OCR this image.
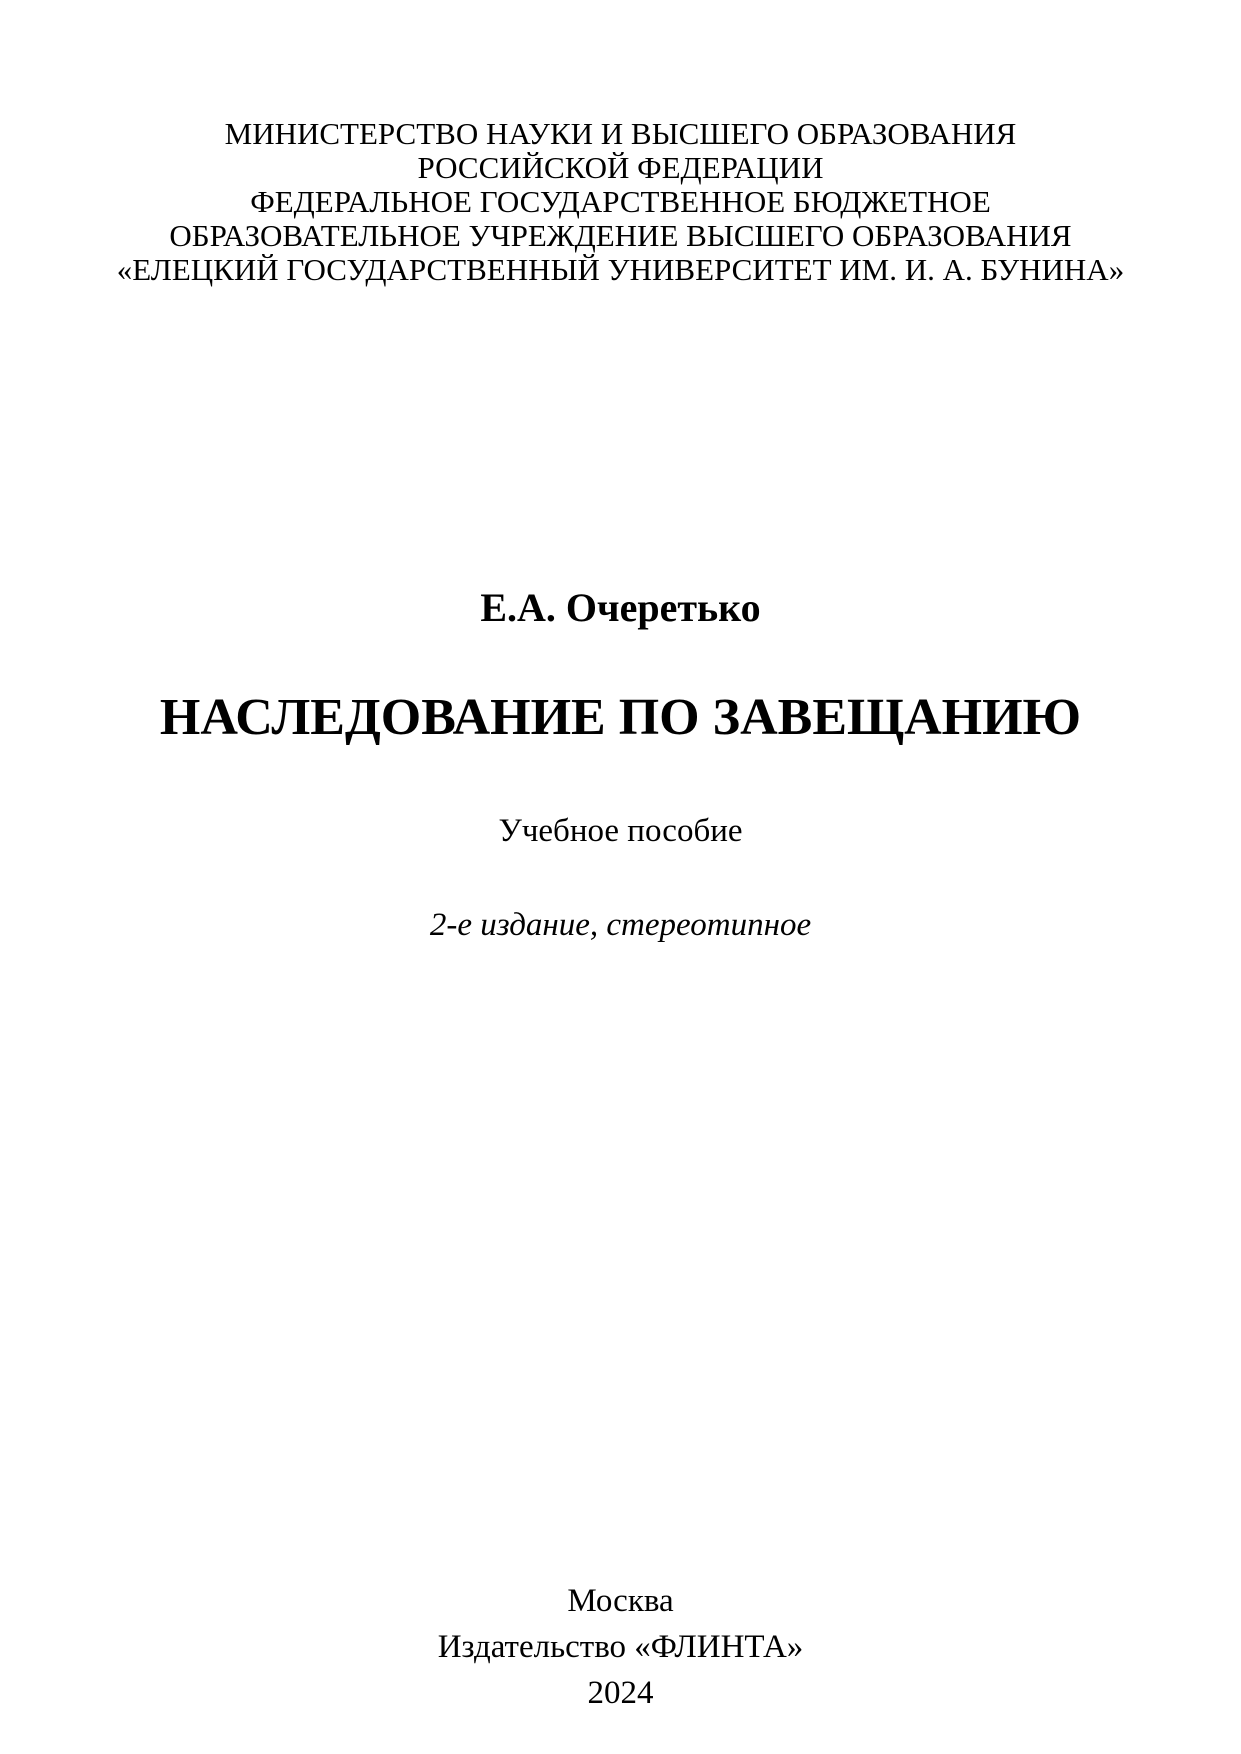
МИНИСТЕРСТВО НАУКИ И ВЫСШЕГО ОБРАЗОВАНИЯ
РОССИЙСКОЙ ФЕДЕРАЦИИ
ФЕДЕРАЛЬНОЕ ГОСУДАРСТВЕННОЕ БЮДЖЕТНОЕ
ОБРАЗОВАТЕЛЬНОЕ УЧРЕЖДЕНИЕ ВЫСШЕГО ОБРАЗОВАНИЯ
«ЕЛЕЦКИЙ ГОСУДАРСТВЕННЫЙ УНИВЕРСИТЕТ ИМ. И. А. БУНИНА»
Е.А. Очеретько
НАСЛЕДОВАНИЕ ПО ЗАВЕЩАНИЮ
Учебное пособие
2-е издание, стереотипное
Москва
Издательство «ФЛИНТА»
2024
